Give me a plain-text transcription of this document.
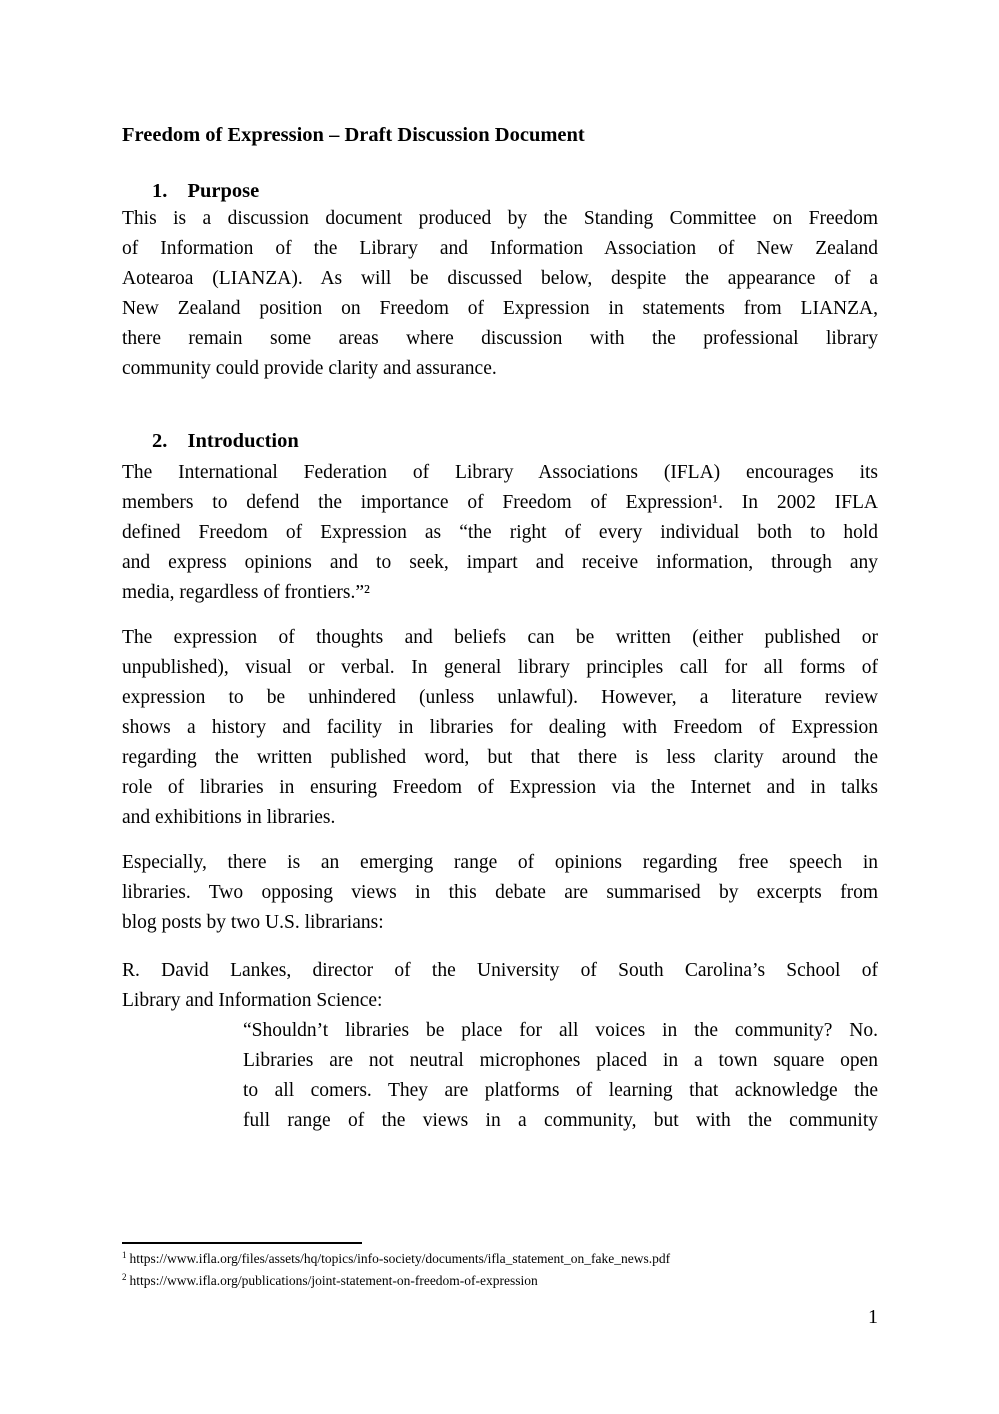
Freedom of Expression – Draft Discussion Document
1. Purpose
This is a discussion document produced by the Standing Committee on Freedom
of Information of the Library and Information Association of New Zealand
Aotearoa (LIANZA). As will be discussed below, despite the appearance of a
New Zealand position on Freedom of Expression in statements from LIANZA,
there remain some areas where discussion with the professional library
community could provide clarity and assurance.
2. Introduction
The International Federation of Library Associations (IFLA) encourages its
members to defend the importance of Freedom of Expression¹. In 2002 IFLA
defined Freedom of Expression as “the right of every individual both to hold
and express opinions and to seek, impart and receive information, through any
media, regardless of frontiers.”²
The expression of thoughts and beliefs can be written (either published or
unpublished), visual or verbal. In general library principles call for all forms of
expression to be unhindered (unless unlawful). However, a literature review
shows a history and facility in libraries for dealing with Freedom of Expression
regarding the written published word, but that there is less clarity around the
role of libraries in ensuring Freedom of Expression via the Internet and in talks
and exhibitions in libraries.
Especially, there is an emerging range of opinions regarding free speech in
libraries. Two opposing views in this debate are summarised by excerpts from
blog posts by two U.S. librarians:
R. David Lankes, director of the University of South Carolina’s School of
Library and Information Science:
“Shouldn’t libraries be place for all voices in the community? No.
Libraries are not neutral microphones placed in a town square open
to all comers. They are platforms of learning that acknowledge the
full range of the views in a community, but with the community
$^1$ https://www.ifla.org/files/assets/hq/topics/info-society/documents/ifla_statement_on_fake_news.pdf
$^2$ https://www.ifla.org/publications/joint-statement-on-freedom-of-expression
1
